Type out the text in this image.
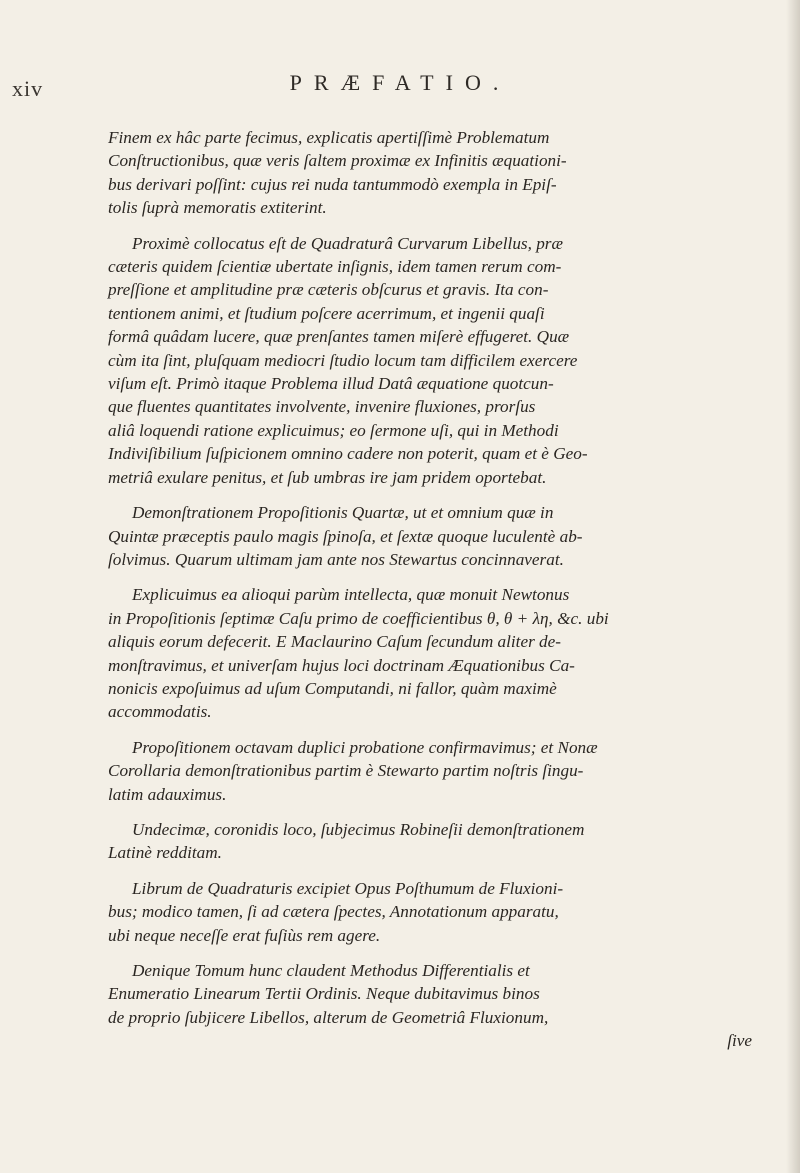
xiv	PRÆFATIO.
Finem ex hâc parte fecimus, explicatis apertiſſimè Problematum
Conſtructionibus, quæ veris ſaltem proximæ ex Infinitis æquationi-
bus derivari poſſint: cujus rei nuda tantummodò exempla in Epiſ-
tolis ſuprà memoratis extiterint.
Proximè collocatus eſt de Quadraturâ Curvarum Libellus, præ
cæteris quidem ſcientiæ ubertate inſignis, idem tamen rerum com-
preſſione et amplitudine præ cæteris obſcurus et gravis. Ita con-
tentionem animi, et ſtudium poſcere acerrimum, et ingenii quaſi
formâ quâdam lucere, quæ prenſantes tamen miſerè effugeret. Quæ
cùm ita ſint, pluſquam mediocri ſtudio locum tam difficilem exercere
viſum eſt. Primò itaque Problema illud Datâ æquatione quotcun-
que fluentes quantitates involvente, invenire fluxiones, prorſus
aliâ loquendi ratione explicuimus; eo ſermone uſi, qui in Methodi
Indiviſibilium ſuſpicionem omnino cadere non poterit, quam et è Geo-
metriâ exulare penitus, et ſub umbras ire jam pridem oportebat.
Demonſtrationem Propoſitionis Quartæ, ut et omnium quæ in
Quintæ præceptis paulo magis ſpinoſa, et ſextæ quoque luculentè ab-
ſolvimus. Quarum ultimam jam ante nos Stewartus concinnaverat.
Explicuimus ea alioqui parùm intellecta, quæ monuit Newtonus
in Propoſitionis ſeptimæ Caſu primo de coefficientibus θ, θ + λη, &c. ubi
aliquis eorum defecerit. E Maclaurino Caſum ſecundum aliter de-
monſtravimus, et univerſam hujus loci doctrinam Æquationibus Ca-
nonicis expoſuimus ad uſum Computandi, ni fallor, quàm maximè
accommodatis.
Propoſitionem octavam duplici probatione confirmavimus; et Nonæ
Corollaria demonſtrationibus partim è Stewarto partim noſtris ſingu-
latim adauximus.
Undecimæ, coronidis loco, ſubjecimus Robineſii demonſtrationem
Latinè redditam.
Librum de Quadraturis excipiet Opus Poſthumum de Fluxioni-
bus; modico tamen, ſi ad cætera ſpectes, Annotationum apparatu,
ubi neque neceſſe erat fuſiùs rem agere.
Denique Tomum hunc claudent Methodus Differentialis et
Enumeratio Linearum Tertii Ordinis. Neque dubitavimus binos
de proprio ſubjicere Libellos, alterum de Geometriâ Fluxionum,
ſive
